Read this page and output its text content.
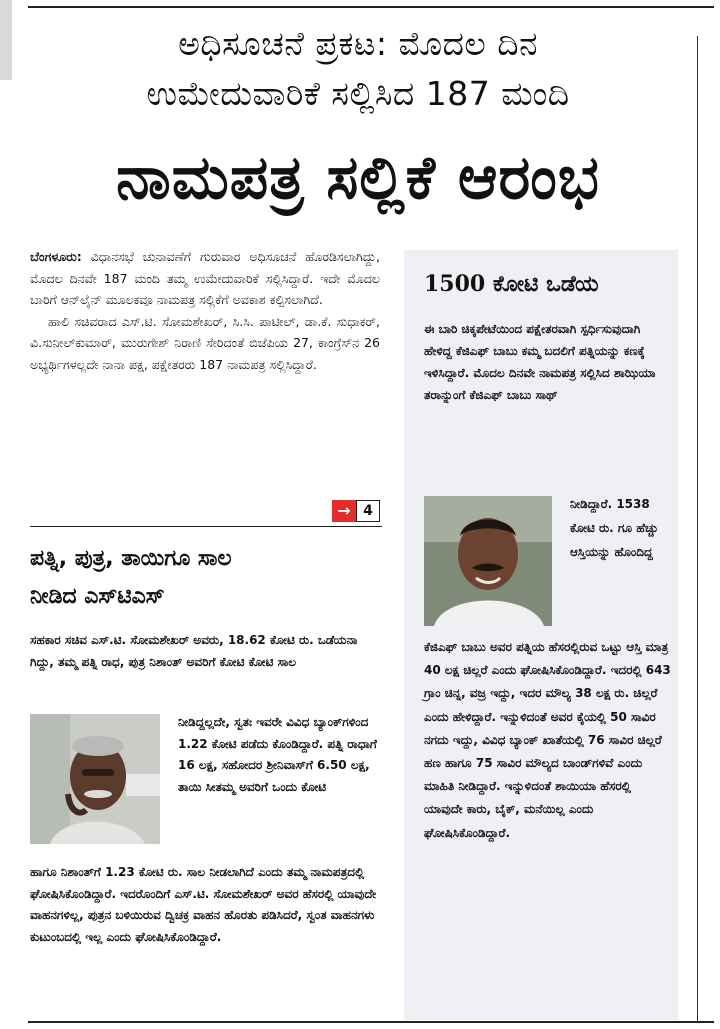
ಅಧಿಸೂಚನೆ ಪ್ರಕಟ: ಮೊದಲ ದಿನ
ಉಮೇದುವಾರಿಕೆ ಸಲ್ಲಿಸಿದ 187 ಮಂದಿ
ನಾಮಪತ್ರ ಸಲ್ಲಿಕೆ ಆರಂಭ

ಬೆಂಗಳೂರು: ವಿಧಾನಸಭೆ ಚುನಾವಣೆಗೆ ಗುರುವಾರ ಅಧಿಸೂಚನೆ ಹೊರಡಿಸಲಾಗಿದ್ದು, ಮೊದಲ ದಿನವೇ 187 ಮಂದಿ ತಮ್ಮ ಉಮೇದುವಾರಿಕೆ ಸಲ್ಲಿಸಿದ್ದಾರೆ. ಇದೇ ಮೊದಲ ಬಾರಿಗೆ ಆನ್‌ಲೈನ್ ಮೂಲಕವೂ ನಾಮಪತ್ರ ಸಲ್ಲಿಕೆಗೆ ಅವಕಾಶ ಕಲ್ಪಿಸಲಾಗಿದೆ.

ಹಾಲಿ ಸಚಿವರಾದ ಎಸ್.ಟಿ. ಸೋಮಶೇಖರ್, ಸಿ.ಸಿ. ಪಾಟೀಲ್, ಡಾ.ಕೆ. ಸುಧಾಕರ್, ವಿ.ಸುನೀಲ್‌ಕುಮಾರ್, ಮುರುಗೇಶ್ ನಿರಾಣಿ ಸೇರಿದಂತೆ ಬಿಜೆಪಿಯ 27, ಕಾಂಗ್ರೆಸ್‌ನ 26 ಅಭ್ಯರ್ಥಿಗಳಲ್ಲದೇ ನಾನಾ ಪಕ್ಷ, ಪಕ್ಷೇತರರು 187 ನಾಮಪತ್ರ ಸಲ್ಲಿಸಿದ್ದಾರೆ.

→ 4
ಪತ್ನಿ, ಪುತ್ರ, ತಾಯಿಗೂ ಸಾಲ
ನೀಡಿದ ಎಸ್‌ಟಿಎಸ್

ಸಹಕಾರ ಸಚಿವ ಎಸ್.ಟಿ. ಸೋಮಶೇಖರ್ ಅವರು, 18.62 ಕೋಟಿ ರು. ಒಡೆಯನಾ ಗಿದ್ದು, ತಮ್ಮ ಪತ್ನಿ ರಾಧ, ಪುತ್ರ ನಿಶಾಂತ್ ಅವರಿಗೆ ಕೋಟಿ ಕೋಟಿ ಸಾಲ

ನೀಡಿದ್ದಲ್ಲದೇ, ಸ್ವತಃ ಇವರೇ ವಿವಿಧ ಬ್ಯಾಂಕ್‌ಗಳಿಂದ 1.22 ಕೋಟಿ ಪಡೆದು ಕೊಂಡಿದ್ದಾರೆ. ಪತ್ನಿ ರಾಧಾಗೆ 16 ಲಕ್ಷ, ಸಹೋದರ ಶ್ರೀನಿವಾಸ್‌ಗೆ 6.50 ಲಕ್ಷ, ತಾಯಿ ಸೀತಮ್ಮ ಅವರಿಗೆ ಒಂದು ಕೋಟಿ

ಹಾಗೂ ನಿಶಾಂತ್‌ಗೆ 1.23 ಕೋಟಿ ರು. ಸಾಲ ನೀಡಲಾಗಿದೆ ಎಂದು ತಮ್ಮ ನಾಮಪತ್ರದಲ್ಲಿ ಘೋಷಿಸಿಕೊಂಡಿದ್ದಾರೆ. ಇದರೊಂದಿಗೆ ಎಸ್.ಟಿ. ಸೋಮಶೇಖರ್ ಅವರ ಹೆಸರಲ್ಲಿ ಯಾವುದೇ ವಾಹನಗಳಿಲ್ಲ, ಪುತ್ರನ ಬಳಿಯಿರುವ ದ್ವಿಚಕ್ರ ವಾಹನ ಹೊರತು ಪಡಿಸಿದರೆ, ಸ್ವಂತ ವಾಹನಗಳು ಕುಟುಂಬದಲ್ಲಿ ಇಲ್ಲ ಎಂದು ಘೋಷಿಸಿಕೊಂಡಿದ್ದಾರೆ.

1500 ಕೋಟಿ ಒಡೆಯ

ಈ ಬಾರಿ ಚಿಕ್ಕಪೇಟೆಯಿಂದ ಪಕ್ಷೇತರವಾಗಿ ಸ್ಪರ್ಧಿಸುವುದಾಗಿ ಹೇಳಿದ್ದ ಕೆಜಿಎಫ್ ಬಾಬು ಕಮ್ಮ ಬದಲಿಗೆ ಪತ್ನಿಯನ್ನು ಕಣಕ್ಕೆ ಇಳಿಸಿದ್ದಾರೆ. ಮೊದಲ ದಿನವೇ ನಾಮಪತ್ರ ಸಲ್ಲಿಸಿದ ಶಾಝಿಯಾ ತರಾನ್ನುಂಗೆ ಕೆಜಿಎಫ್ ಬಾಬು ಸಾಥ್

ನೀಡಿದ್ದಾರೆ. 1538 ಕೋಟಿ ರು. ಗೂ ಹೆಚ್ಚು ಆಸ್ತಿಯನ್ನು ಹೊಂದಿದ್ದ

ಕೆಜಿಎಫ್ ಬಾಬು ಅವರ ಪತ್ನಿಯ ಹೆಸರಲ್ಲಿರುವ ಒಟ್ಟು ಆಸ್ತಿ ಮಾತ್ರ 40 ಲಕ್ಷ ಚಿಲ್ಲರೆ ಎಂದು ಘೋಷಿಸಿಕೊಂಡಿದ್ದಾರೆ. ಇದರಲ್ಲಿ 643 ಗ್ರಾಂ ಚಿನ್ನ, ವಜ್ರ ಇದ್ದು, ಇದರ ಮೌಲ್ಯ 38 ಲಕ್ಷ ರು. ಚಿಲ್ಲರೆ ಎಂದು ಹೇಳಿದ್ದಾರೆ. ಇನ್ನುಳಿದಂತೆ ಅವರ ಕೈಯಲ್ಲಿ 50 ಸಾವಿರ ನಗದು ಇದ್ದು, ವಿವಿಧ ಬ್ಯಾಂಕ್ ಖಾತೆಯಲ್ಲಿ 76 ಸಾವಿರ ಚಿಲ್ಲರೆ ಹಣ ಹಾಗೂ 75 ಸಾವಿರ ಮೌಲ್ಯದ ಬಾಂಡ್‌ಗಳಿವೆ ಎಂದು ಮಾಹಿತಿ ನೀಡಿದ್ದಾರೆ. ಇನ್ನುಳಿದಂತೆ ಶಾಯಿಯಾ ಹೆಸರಲ್ಲಿ ಯಾವುದೇ ಕಾರು, ಬೈಕ್, ಮನೆಯಿಲ್ಲ ಎಂದು ಘೋಷಿಸಿಕೊಂಡಿದ್ದಾರೆ.
